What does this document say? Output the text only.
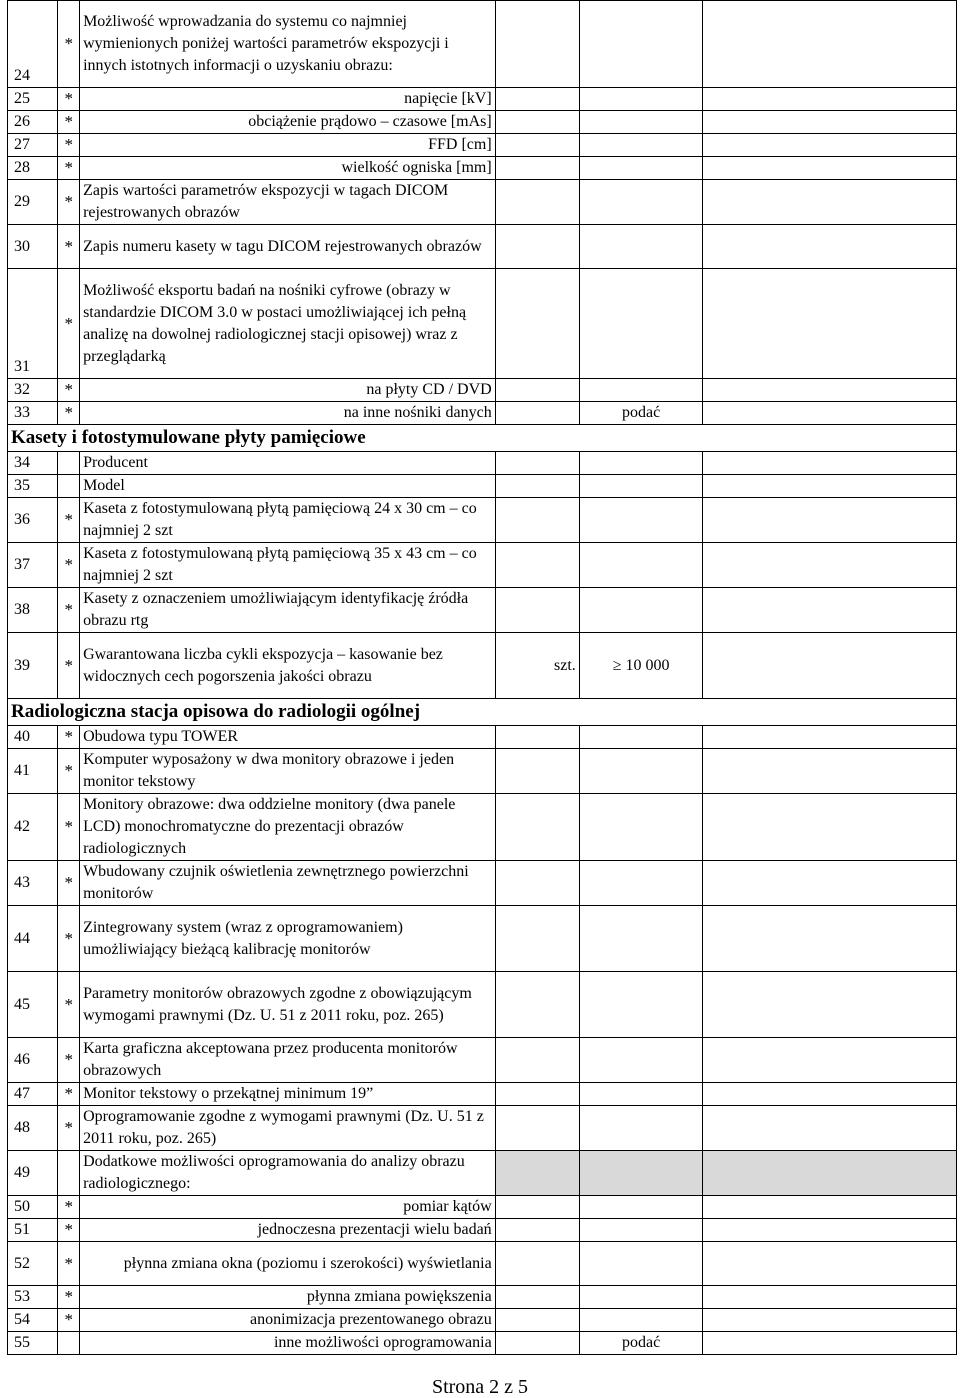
24	*	Możliwość wprowadzania do systemu co najmniej wymienionych poniżej wartości parametrów ekspozycji i innych istotnych informacji o uzyskaniu obrazu:			
25	*	napięcie [kV]			
26	*	obciążenie prądowo – czasowe [mAs]			
27	*	FFD [cm]			
28	*	wielkość ogniska [mm]			
29	*	Zapis wartości parametrów ekspozycji w tagach DICOM rejestrowanych obrazów			
30	*	Zapis numeru kasety w tagu DICOM rejestrowanych obrazów			
31	*	Możliwość eksportu badań na nośniki cyfrowe (obrazy w standardzie DICOM 3.0 w postaci umożliwiającej ich pełną analizę na dowolnej radiologicznej stacji opisowej) wraz z przeglądarką			
32	*	na płyty CD / DVD			
33	*	na inne nośniki danych		podać	
Kasety i fotostymulowane płyty pamięciowe					
34		Producent			
35		Model			
36	*	Kaseta z fotostymulowaną płytą pamięciową 24 x 30 cm – co najmniej 2 szt			
37	*	Kaseta z fotostymulowaną płytą pamięciową 35 x 43 cm – co najmniej 2 szt			
38	*	Kasety z oznaczeniem umożliwiającym identyfikację źródła obrazu rtg			
39	*	Gwarantowana liczba cykli ekspozycja – kasowanie bez widocznych cech pogorszenia jakości obrazu	szt.	≥ 10 000	
Radiologiczna stacja opisowa do radiologii ogólnej					
40	*	Obudowa typu TOWER			
41	*	Komputer wyposażony w dwa monitory obrazowe i jeden monitor tekstowy			
42	*	Monitory obrazowe: dwa oddzielne monitory (dwa panele LCD) monochromatyczne do prezentacji obrazów radiologicznych			
43	*	Wbudowany czujnik oświetlenia zewnętrznego powierzchni monitorów			
44	*	Zintegrowany system (wraz z oprogramowaniem) umożliwiający bieżącą kalibrację monitorów			
45	*	Parametry monitorów obrazowych zgodne z obowiązującym wymogami prawnymi (Dz. U. 51 z 2011 roku, poz. 265)			
46	*	Karta graficzna akceptowana przez producenta monitorów obrazowych			
47	*	Monitor tekstowy o przekątnej minimum 19”			
48	*	Oprogramowanie zgodne z wymogami prawnymi (Dz. U. 51 z 2011 roku, poz. 265)			
49		Dodatkowe możliwości oprogramowania do analizy obrazu radiologicznego:			
50	*	pomiar kątów			
51	*	jednoczesna prezentacji wielu badań			
52	*	płynna zmiana okna (poziomu i szerokości) wyświetlania			
53	*	płynna zmiana powiększenia			
54	*	anonimizacja prezentowanego obrazu			
55		inne możliwości oprogramowania		podać	
Strona 2 z 5
